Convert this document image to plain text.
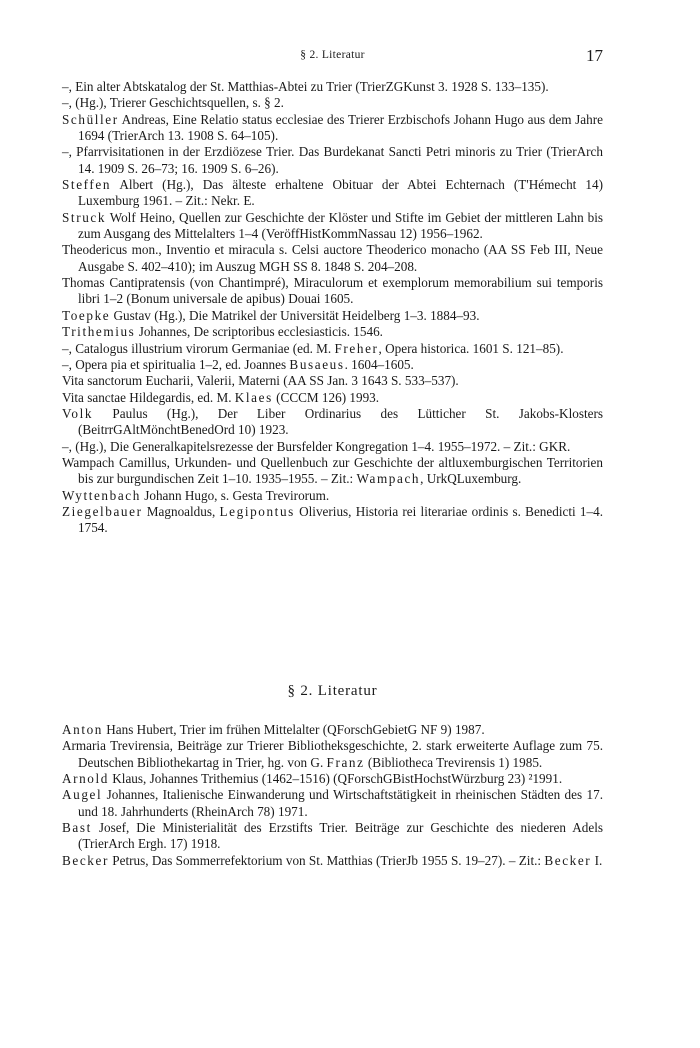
§ 2. Literatur	17
–, Ein alter Abtskatalog der St. Matthias-Abtei zu Trier (TrierZGKunst 3. 1928 S. 133–135).
–, (Hg.), Trierer Geschichtsquellen, s. § 2.
Schüller Andreas, Eine Relatio status ecclesiae des Trierer Erzbischofs Johann Hugo aus dem Jahre 1694 (TrierArch 13. 1908 S. 64–105).
–, Pfarrvisitationen in der Erzdiözese Trier. Das Burdekanat Sancti Petri minoris zu Trier (TrierArch 14. 1909 S. 26–73; 16. 1909 S. 6–26).
Steffen Albert (Hg.), Das älteste erhaltene Obituar der Abtei Echternach (T'Hémecht 14) Luxemburg 1961. – Zit.: Nekr. E.
Struck Wolf Heino, Quellen zur Geschichte der Klöster und Stifte im Gebiet der mittleren Lahn bis zum Ausgang des Mittelalters 1–4 (VeröffHistKommNassau 12) 1956–1962.
Theodericus mon., Inventio et miracula s. Celsi auctore Theoderico monacho (AA SS Feb III, Neue Ausgabe S. 402–410); im Auszug MGH SS 8. 1848 S. 204–208.
Thomas Cantipratensis (von Chantimpré), Miraculorum et exemplorum memorabilium sui temporis libri 1–2 (Bonum universale de apibus) Douai 1605.
Toepke Gustav (Hg.), Die Matrikel der Universität Heidelberg 1–3. 1884–93.
Trithemius Johannes, De scriptoribus ecclesiasticis. 1546.
–, Catalogus illustrium virorum Germaniae (ed. M. Freher, Opera historica. 1601 S. 121–85).
–, Opera pia et spiritualia 1–2, ed. Joannes Busaeus. 1604–1605.
Vita sanctorum Eucharii, Valerii, Materni (AA SS Jan. 3 1643 S. 533–537).
Vita sanctae Hildegardis, ed. M. Klaes (CCCM 126) 1993.
Volk Paulus (Hg.), Der Liber Ordinarius des Lütticher St. Jakobs-Klosters (BeitrrGAltMönchtBenedOrd 10) 1923.
–, (Hg.), Die Generalkapitelsrezesse der Bursfelder Kongregation 1–4. 1955–1972. – Zit.: GKR.
Wampach Camillus, Urkunden- und Quellenbuch zur Geschichte der altluxemburgischen Territorien bis zur burgundischen Zeit 1–10. 1935–1955. – Zit.: Wampach, UrkQLuxemburg.
Wyttenbach Johann Hugo, s. Gesta Trevirorum.
Ziegelbauer Magnoaldus, Legipontus Oliverius, Historia rei literariae ordinis s. Benedicti 1–4. 1754.
§ 2. Literatur
Anton Hans Hubert, Trier im frühen Mittelalter (QForschGebietG NF 9) 1987.
Armaria Trevirensia, Beiträge zur Trierer Bibliotheksgeschichte, 2. stark erweiterte Auflage zum 75. Deutschen Bibliothekartag in Trier, hg. von G. Franz (Bibliotheca Trevirensis 1) 1985.
Arnold Klaus, Johannes Trithemius (1462–1516) (QForschGBistHochstWürzburg 23) ²1991.
Augel Johannes, Italienische Einwanderung und Wirtschaftstätigkeit in rheinischen Städten des 17. und 18. Jahrhunderts (RheinArch 78) 1971.
Bast Josef, Die Ministerialität des Erzstifts Trier. Beiträge zur Geschichte des niederen Adels (TrierArch Ergh. 17) 1918.
Becker Petrus, Das Sommerrefektorium von St. Matthias (TrierJb 1955 S. 19–27). – Zit.: Becker I.
